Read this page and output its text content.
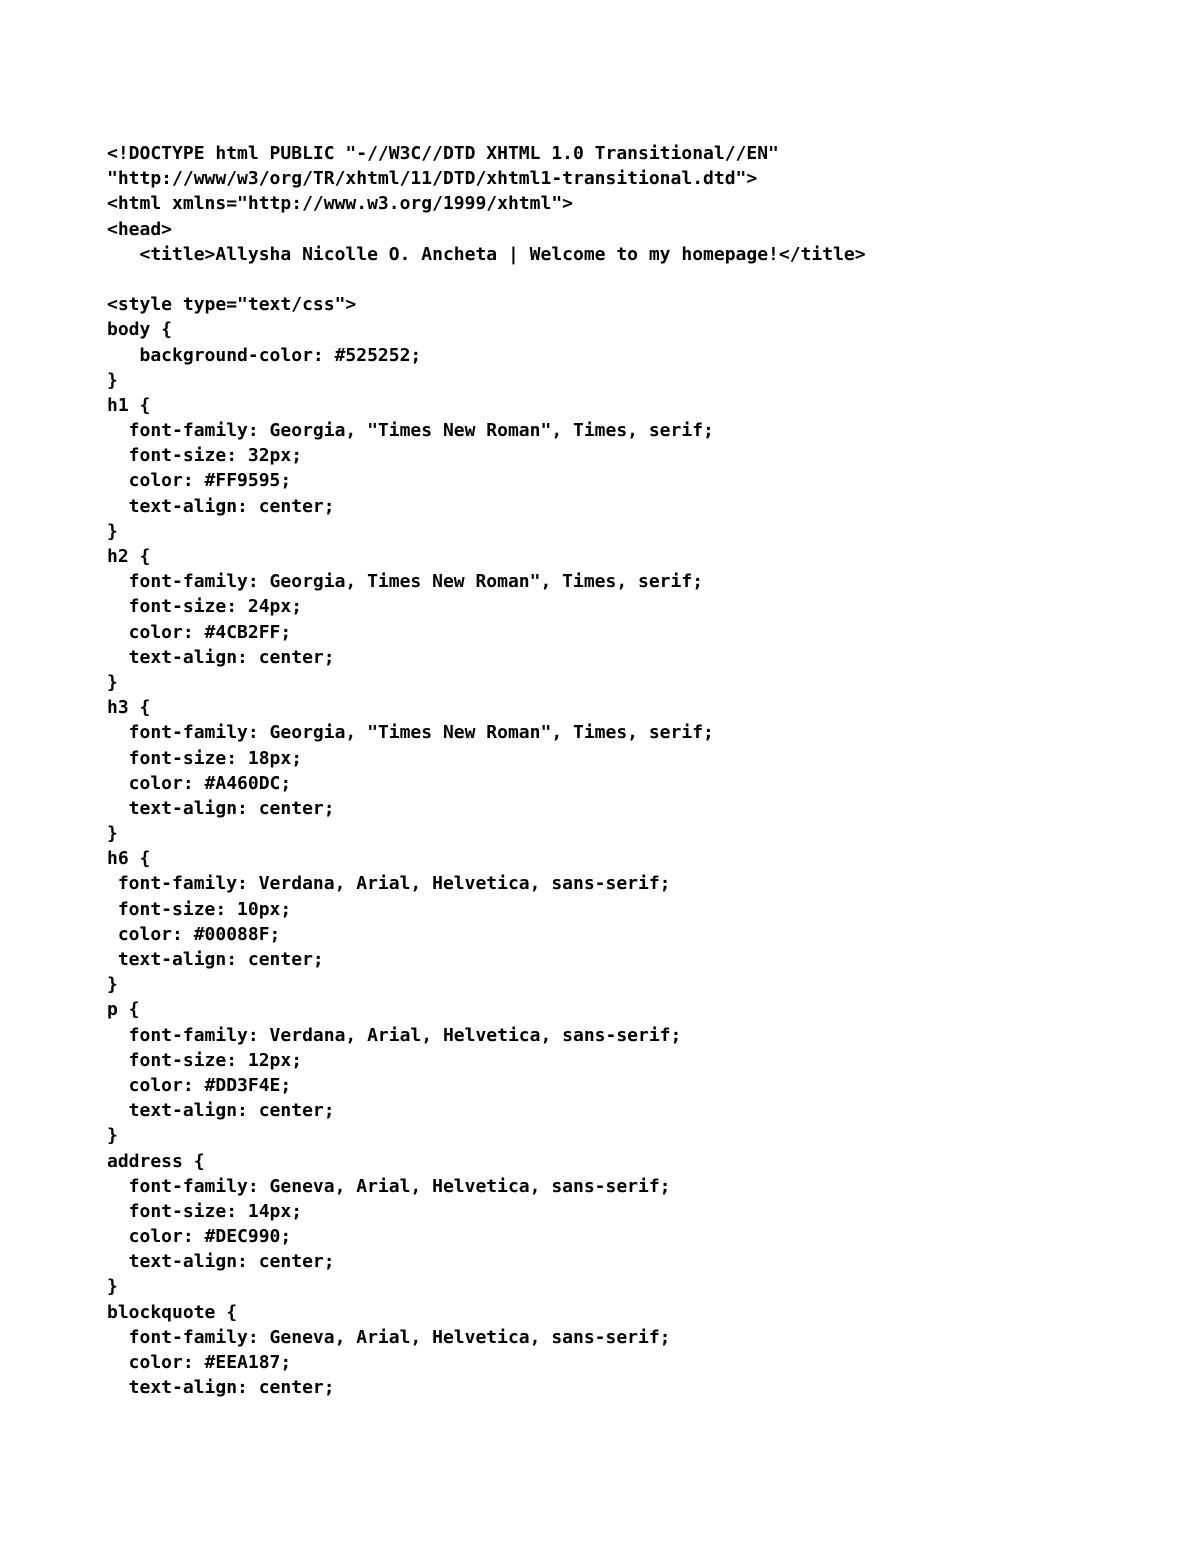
<!DOCTYPE html PUBLIC "-//W3C//DTD XHTML 1.0 Transitional//EN"
"http://www/w3/org/TR/xhtml/11/DTD/xhtml1-transitional.dtd">
<html xmlns="http://www.w3.org/1999/xhtml">
<head>
<title>Allysha Nicolle O. Ancheta | Welcome to my homepage!</title>
<style type="text/css">
body {
background-color: #525252;
}
h1 {
font-family: Georgia, "Times New Roman", Times, serif;
font-size: 32px;
color: #FF9595;
text-align: center;
}
h2 {
font-family: Georgia, Times New Roman", Times, serif;
font-size: 24px;
color: #4CB2FF;
text-align: center;
}
h3 {
font-family: Georgia, "Times New Roman", Times, serif;
font-size: 18px;
color: #A460DC;
text-align: center;
}
h6 {
font-family: Verdana, Arial, Helvetica, sans-serif;
font-size: 10px;
color: #00088F;
text-align: center;
}
p {
font-family: Verdana, Arial, Helvetica, sans-serif;
font-size: 12px;
color: #DD3F4E;
text-align: center;
}
address {
font-family: Geneva, Arial, Helvetica, sans-serif;
font-size: 14px;
color: #DEC990;
text-align: center;
}
blockquote {
font-family: Geneva, Arial, Helvetica, sans-serif;
color: #EEA187;
text-align: center;
